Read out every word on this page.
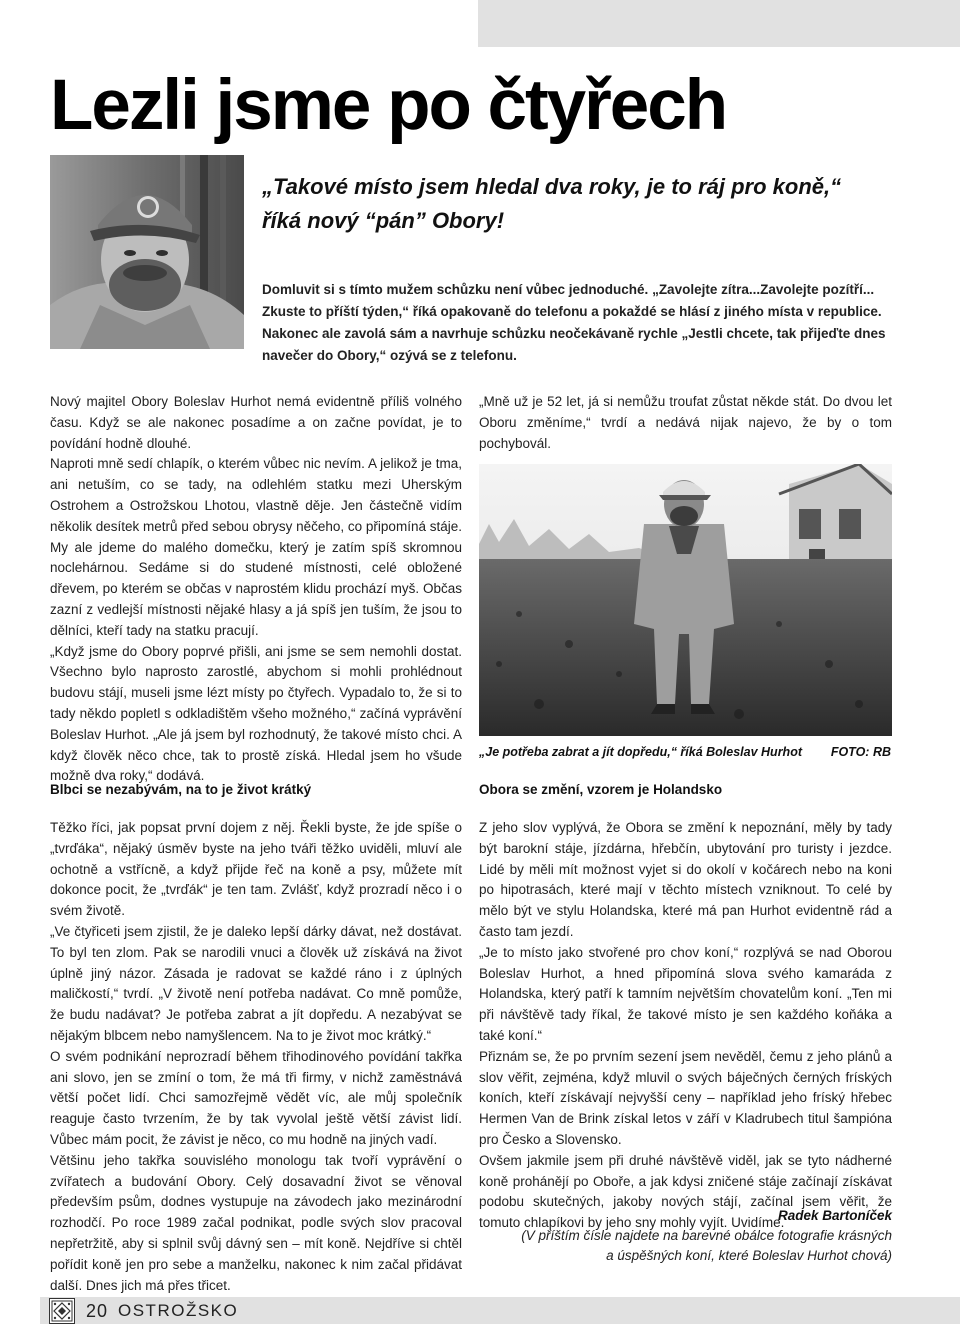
Lezli jsme po čtyřech

„Takové místo jsem hledal dva roky, je to ráj pro koně,“
říká nový “pán” Obory!

Domluvit si s tímto mužem schůzku není vůbec jednoduché. „Zavolejte zítra...Zavolejte pozítří... Zkuste to příští týden,“ říká opakovaně do telefonu a pokaždé se hlásí z jiného místa v republice. Nakonec ale zavolá sám a navrhuje schůzku neočekávaně rychle „Jestli chcete, tak přijeďte dnes navečer do Obory,“ ozývá se z telefonu.

Nový majitel Obory Boleslav Hurhot nemá evidentně příliš volného času. Když se ale nakonec posadíme a on začne povídat, je to povídání hodně dlouhé.

Naproti mně sedí chlapík, o kterém vůbec nic nevím. A jelikož je tma, ani netuším, co se tady, na odlehlém statku mezi Uherským Ostrohem a Ostrožskou Lhotou, vlastně děje. Jen částečně vidím několik desítek metrů před sebou obrysy něčeho, co připomíná stáje.

My ale jdeme do malého domečku, který je zatím spíš skromnou noclehárnou. Sedáme si do studené místnosti, celé obložené dřevem, po kterém se občas v naprostém klidu prochází myš. Občas zazní z vedlejší místnosti nějaké hlasy a já spíš jen tuším, že jsou to dělníci, kteří tady na statku pracují.

„Když jsme do Obory poprvé přišli, ani jsme se sem nemohli dostat. Všechno bylo naprosto zarostlé, abychom si mohli prohlédnout budovu stájí, museli jsme lézt místy po čtyřech. Vypadalo to, že si to tady někdo popletl s odkladištěm všeho možného,“ začíná vyprávění Boleslav Hurhot. „Ale já jsem byl rozhodnutý, že takové místo chci. A když člověk něco chce, tak to prostě získá. Hledal jsem ho všude možně dva roky,“ dodává.

Blbci se nezabývám, na to je život krátký

Těžko říci, jak popsat první dojem z něj. Řekli byste, že jde spíše o „tvrďáka“, nějaký úsměv byste na jeho tváři těžko uviděli, mluví ale ochotně a vstřícně, a když přijde řeč na koně a psy, můžete mít dokonce pocit, že „tvrďák“ je ten tam. Zvlášť, když prozradí něco i o svém životě.

„Ve čtyřiceti jsem zjistil, že je daleko lepší dárky dávat, než dostávat. To byl ten zlom. Pak se narodili vnuci a člověk už získává na život úplně jiný názor. Zásada je radovat se každé ráno i z úplných maličkostí,“ tvrdí. „V životě není potřeba nadávat. Co mně pomůže, že budu nadávat? Je potřeba zabrat a jít dopředu. A nezabývat se nějakým blbcem nebo namyšlencem. Na to je život moc krátký.“

O svém podnikání neprozradí během třihodinového povídání takřka ani slovo, jen se zmíní o tom, že má tři firmy, v nichž zaměstnává větší počet lidí. Chci samozřejmě vědět víc, ale můj společník reaguje často tvrzením, že by tak vyvolal ještě větší závist lidí. Vůbec mám pocit, že závist je něco, co mu hodně na jiných vadí.

Většinu jeho takřka souvislého monologu tak tvoří vyprávění o zvířatech a budování Obory. Celý dosavadní život se věnoval především psům, dodnes vystupuje na závodech jako mezinárodní rozhodčí. Po roce 1989 začal podnikat, podle svých slov pracoval nepřetržitě, aby si splnil svůj dávný sen – mít koně. Nejdříve si chtěl pořídit koně jen pro sebe a manželku, nakonec k nim začal přidávat další. Dnes jich má přes třicet.

„Mně už je 52 let, já si nemůžu troufat zůstat někde stát. Do dvou let Oboru změníme,“ tvrdí a nedává nijak najevo, že by o tom pochybovál.

„Je potřeba zabrat a jít dopředu,“ říká Boleslav Hurhot FOTO: RB
Obora se změní, vzorem je Holandsko

Z jeho slov vyplývá, že Obora se změní k nepoznání, měly by tady být barokní stáje, jízdárna, hřebčín, ubytování pro turisty i jezdce. Lidé by měli mít možnost vyjet si do okolí v kočárech nebo na koni po hipotrasách, které mají v těchto místech vzniknout. To celé by mělo být ve stylu Holandska, které má pan Hurhot evidentně rád a často tam jezdí.

„Je to místo jako stvořené pro chov koní,“ rozplývá se nad Oborou Boleslav Hurhot, a hned připomíná slova svého kamaráda z Holandska, který patří k tamním největším chovatelům koní. „Ten mi při návštěvě tady říkal, že takové místo je sen každého koňáka a také koní.“

Přiznám se, že po prvním sezení jsem nevěděl, čemu z jeho plánů a slov věřit, zejména, když mluvil o svých báječných černých fríských koních, kteří získávají nejvyšší ceny – například jeho fríský hřebec Hermen Van de Brink získal letos v září v Kladrubech titul šampióna pro Česko a Slovensko.

Ovšem jakmile jsem při druhé návštěvě viděl, jak se tyto nádherné koně prohánějí po Oboře, a jak kdysi zničené stáje začínají získávat podobu skutečných, jakoby nových stájí, začínal jsem věřit, že tomuto chlapíkovi by jeho sny mohly vyjít. Uvidíme.

Radek Bartoníček
(V příštím čísle najdete na barevné obálce fotografie krásných
a úspěšných koní, které Boleslav Hurhot chová)
20 OSTROŽSKO
